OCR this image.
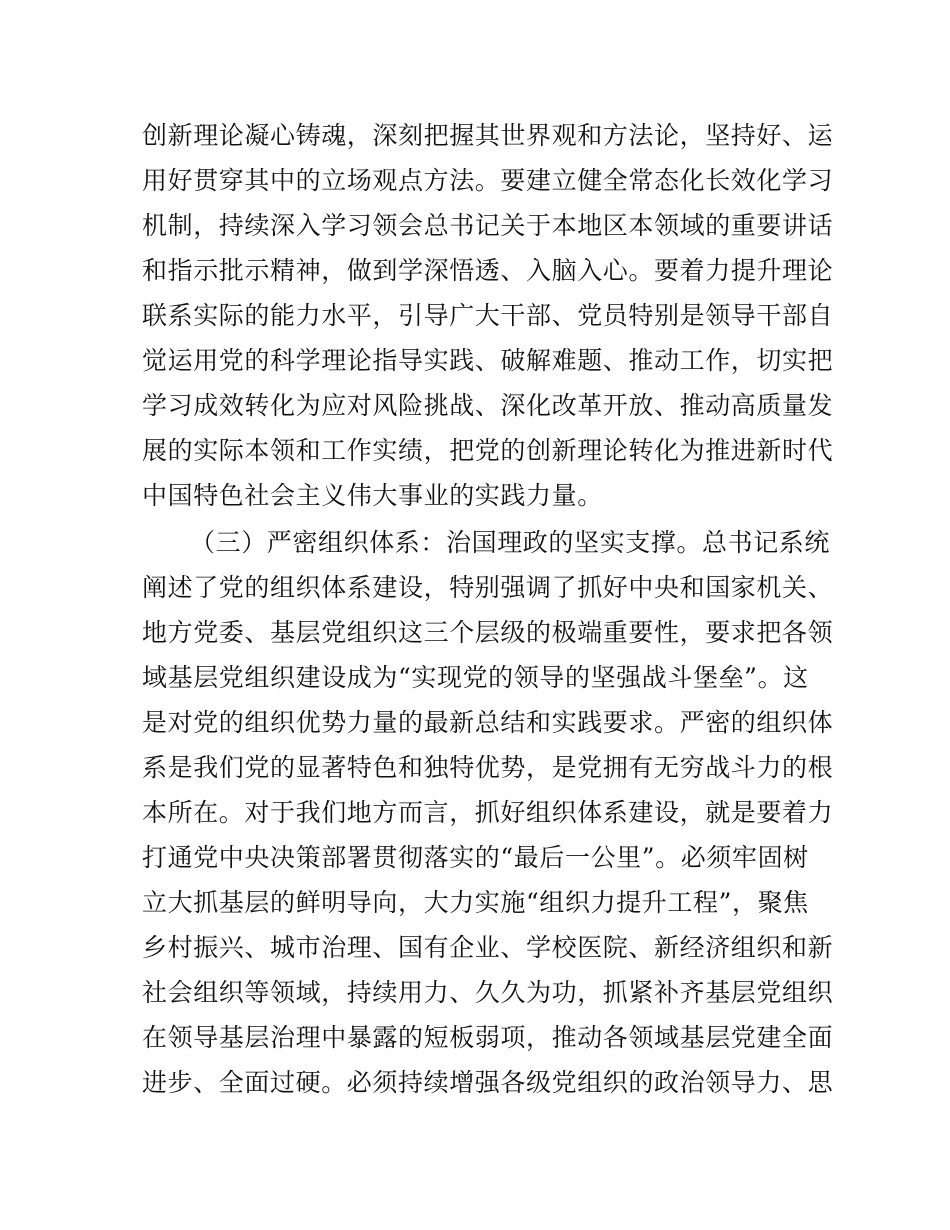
创新理论凝心铸魂，深刻把握其世界观和方法论，坚持好、运
用好贯穿其中的立场观点方法。要建立健全常态化长效化学习
机制，持续深入学习领会总书记关于本地区本领域的重要讲话
和指示批示精神，做到学深悟透、入脑入心。要着力提升理论
联系实际的能力水平，引导广大干部、党员特别是领导干部自
觉运用党的科学理论指导实践、破解难题、推动工作，切实把
学习成效转化为应对风险挑战、深化改革开放、推动高质量发
展的实际本领和工作实绩，把党的创新理论转化为推进新时代
中国特色社会主义伟大事业的实践力量。
（三）严密组织体系：治国理政的坚实支撑。总书记系统
阐述了党的组织体系建设，特别强调了抓好中央和国家机关、
地方党委、基层党组织这三个层级的极端重要性，要求把各领
域基层党组织建设成为“实现党的领导的坚强战斗堡垒”。这
是对党的组织优势力量的最新总结和实践要求。严密的组织体
系是我们党的显著特色和独特优势，是党拥有无穷战斗力的根
本所在。对于我们地方而言，抓好组织体系建设，就是要着力
打通党中央决策部署贯彻落实的“最后一公里”。必须牢固树
立大抓基层的鲜明导向，大力实施“组织力提升工程”，聚焦
乡村振兴、城市治理、国有企业、学校医院、新经济组织和新
社会组织等领域，持续用力、久久为功，抓紧补齐基层党组织
在领导基层治理中暴露的短板弱项，推动各领域基层党建全面
进步、全面过硬。必须持续增强各级党组织的政治领导力、思
